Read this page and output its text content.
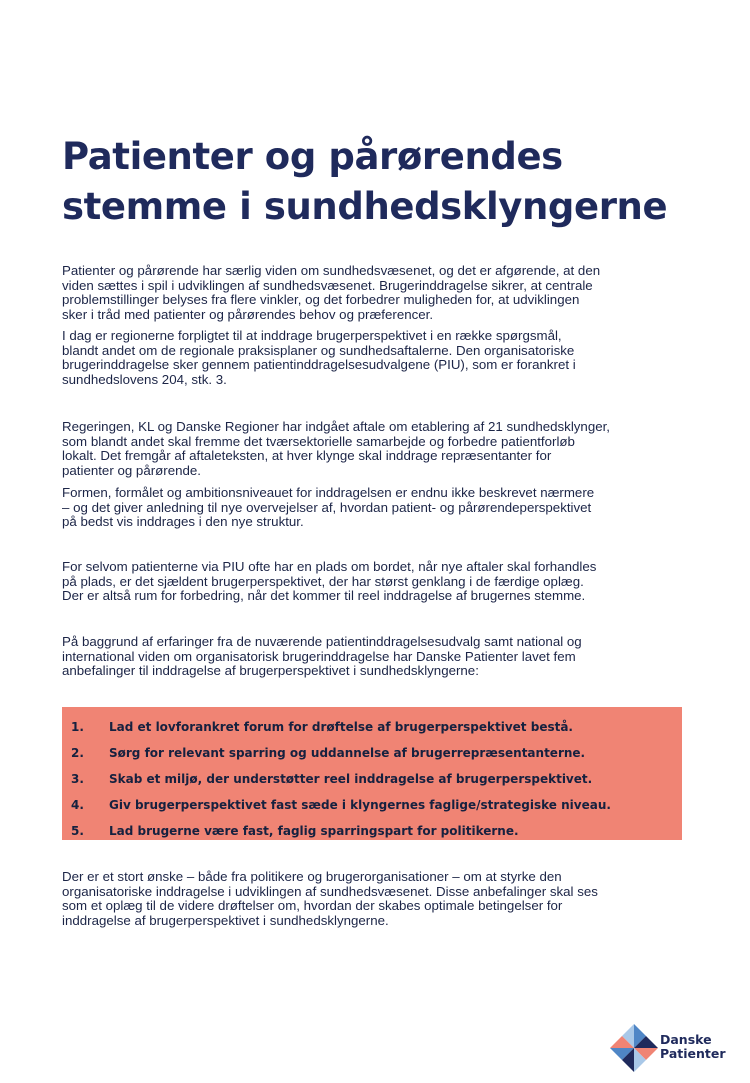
Patienter og pårørendes
stemme i sundhedsklyngerne

Patienter og pårørende har særlig viden om sundhedsvæsenet, og det er afgørende, at den
viden sættes i spil i udviklingen af sundhedsvæsenet. Brugerinddragelse sikrer, at centrale
problemstillinger belyses fra flere vinkler, og det forbedrer muligheden for, at udviklingen
sker i tråd med patienter og pårørendes behov og præferencer.

I dag er regionerne forpligtet til at inddrage brugerperspektivet i en række spørgsmål,
blandt andet om de regionale praksisplaner og sundhedsaftalerne. Den organisatoriske
brugerinddragelse sker gennem patientinddragelsesudvalgene (PIU), som er forankret i
sundhedslovens 204, stk. 3.

Regeringen, KL og Danske Regioner har indgået aftale om etablering af 21 sundhedsklynger,
som blandt andet skal fremme det tværsektorielle samarbejde og forbedre patientforløb
lokalt. Det fremgår af aftaleteksten, at hver klynge skal inddrage repræsentanter for
patienter og pårørende.

Formen, formålet og ambitionsniveauet for inddragelsen er endnu ikke beskrevet nærmere
– og det giver anledning til nye overvejelser af, hvordan patient- og pårørendeperspektivet
på bedst vis inddrages i den nye struktur.

For selvom patienterne via PIU ofte har en plads om bordet, når nye aftaler skal forhandles
på plads, er det sjældent brugerperspektivet, der har størst genklang i de færdige oplæg.
Der er altså rum for forbedring, når det kommer til reel inddragelse af brugernes stemme.

På baggrund af erfaringer fra de nuværende patientinddragelsesudvalg samt national og
international viden om organisatorisk brugerinddragelse har Danske Patienter lavet fem
anbefalinger til inddragelse af brugerperspektivet i sundhedsklyngerne:

1. Lad et lovforankret forum for drøftelse af brugerperspektivet bestå.
2. Sørg for relevant sparring og uddannelse af brugerrepræsentanterne.
3. Skab et miljø, der understøtter reel inddragelse af brugerperspektivet.
4. Giv brugerperspektivet fast sæde i klyngernes faglige/strategiske niveau.
5. Lad brugerne være fast, faglig sparringspart for politikerne.

Der er et stort ønske – både fra politikere og brugerorganisationer – om at styrke den
organisatoriske inddragelse i udviklingen af sundhedsvæsenet. Disse anbefalinger skal ses
som et oplæg til de videre drøftelser om, hvordan der skabes optimale betingelser for
inddragelse af brugerperspektivet i sundhedsklyngerne.

Danske
Patienter
